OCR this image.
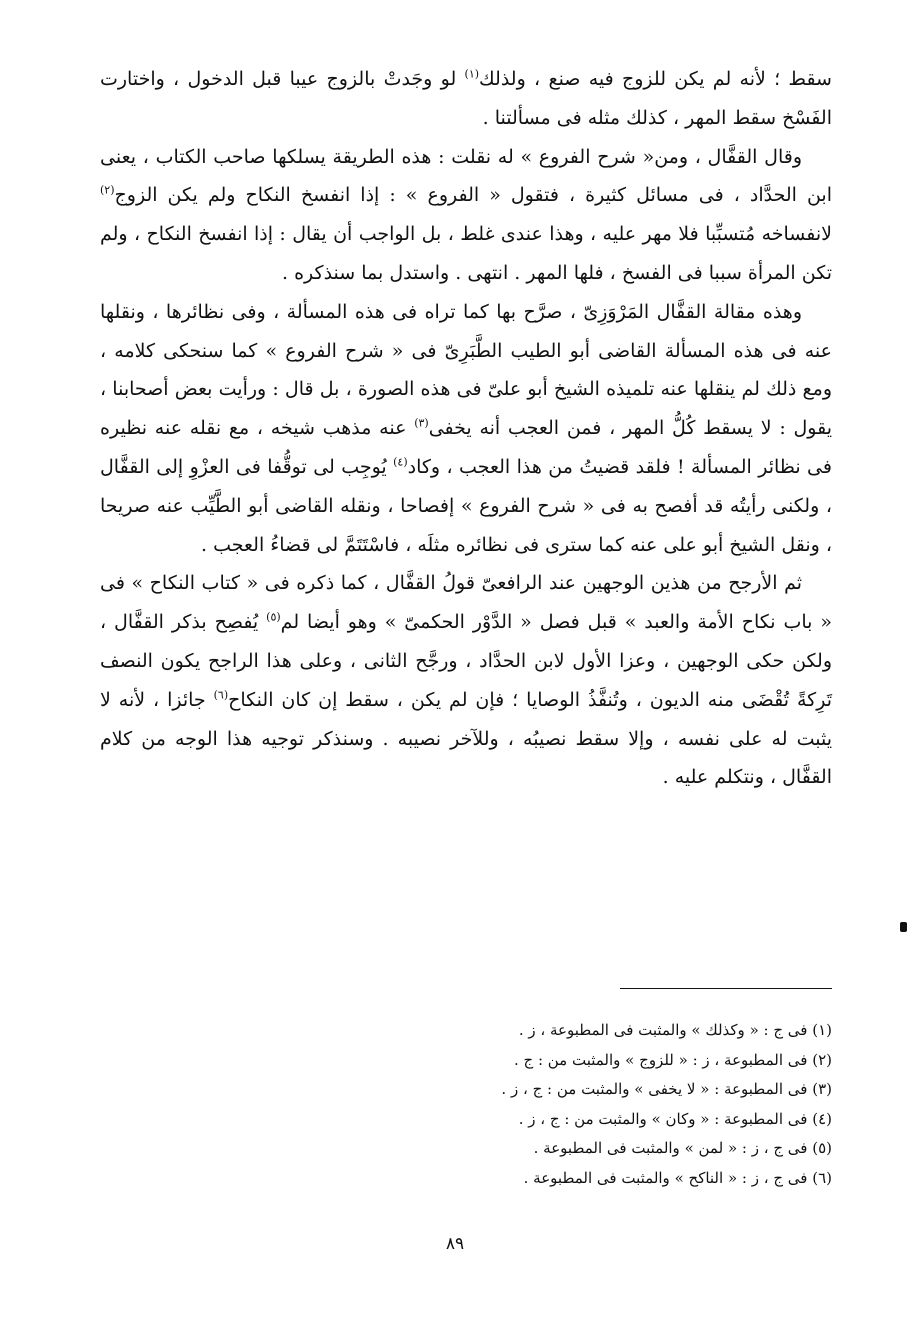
سقط ؛ لأنه لم يكن للزوج فيه صنع ، ولذلك$^{(١)}$ لو وجَدتْ بالزوج عيبا قبل الدخول ، واختارت الفَسْخ سقط المهر ، كذلك مثله فى مسألتنا .

وقال القفَّال ، ومن« شرح الفروع » له نقلت : هذه الطريقة يسلكها صاحب الكتاب ، يعنى ابن الحدَّاد ، فى مسائل كثيرة ، فتقول « الفروع » : إذا انفسخ النكاح ولم يكن الزوج$^{(٢)}$ لانفساخه مُتسبِّبا فلا مهر عليه ، وهذا عندى غلط ، بل الواجب أن يقال : إذا انفسخ النكاح ، ولم تكن المرأة سببا فى الفسخ ، فلها المهر . انتهى . واستدل بما سنذكره .

وهذه مقالة القفَّال المَرْوَزِىّ ، صرَّح بها كما تراه فى هذه المسألة ، وفى نظائرها ، ونقلها عنه فى هذه المسألة القاضى أبو الطيب الطَّبَرِىّ فى « شرح الفروع » كما سنحكى كلامه ، ومع ذلك لم ينقلها عنه تلميذه الشيخ أبو علىّ فى هذه الصورة ، بل قال : ورأيت بعض أصحابنا ، يقول : لا يسقط كُلُّ المهر ، فمن العجب أنه يخفى$^{(٣)}$ عنه مذهب شيخه ، مع نقله عنه نظيره فى نظائر المسألة ! فلقد قضيتُ من هذا العجب ، وكاد$^{(٤)}$ يُوجِب لى توقُّفا فى العزْوِ إلى القفَّال ، ولكنى رأيتُه قد أفصح به فى « شرح الفروع » إفصاحا ، ونقله القاضى أبو الطَّيِّب عنه صريحا ، ونقل الشيخ أبو على عنه كما سترى فى نظائره مثلَه ، فاسْتَتَمَّ لى قضاءُ العجب .

ثم الأرجح من هذين الوجهين عند الرافعىّ قولُ القفَّال ، كما ذكره فى « كتاب النكاح » فى « باب نكاح الأمة والعبد » قبل فصل « الدَّوْر الحكمىّ » وهو أيضا لم$^{(٥)}$ يُفصِح بذكر القفَّال ، ولكن حكى الوجهين ، وعزا الأول لابن الحدَّاد ، ورجَّح الثانى ، وعلى هذا الراجح يكون النصف تَرِكةً تُقْضَى منه الديون ، وتُنفَّذُ الوصايا ؛ فإن لم يكن ، سقط إن كان النكاح$^{(٦)}$ جائزا ، لأنه لا يثبت له على نفسه ، وإلا سقط نصيبُه ، وللآخر نصيبه . وسنذكر توجيه هذا الوجه من كلام القفَّال ، ونتكلم عليه .

(١) فى ج : « وكذلك » والمثبت فى المطبوعة ، ز .
(٢) فى المطبوعة ، ز : « للزوج » والمثبت من : ج .
(٣) فى المطبوعة : « لا يخفى » والمثبت من : ج ، ز .
(٤) فى المطبوعة : « وكان » والمثبت من : ج ، ز .
(٥) فى ج ، ز : « لمن » والمثبت فى المطبوعة .
(٦) فى ج ، ز : « الناكح » والمثبت فى المطبوعة .
٨٩
